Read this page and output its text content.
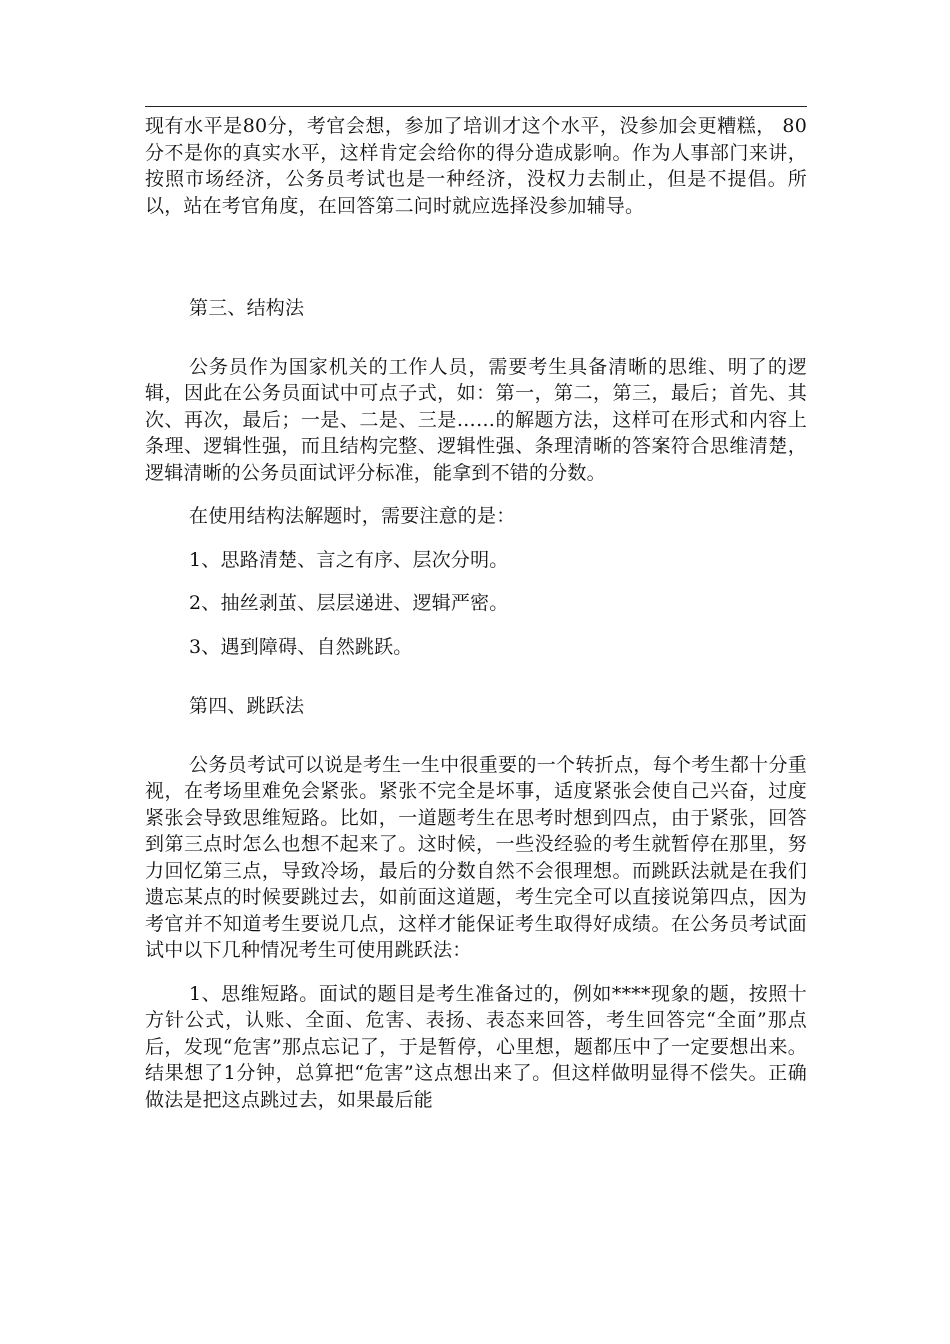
现有水平是80分，考官会想，参加了培训才这个水平，没参加会更糟糕， 80分不是你的真实水平，这样肯定会给你的得分造成影响。作为人事部门来讲，按照市场经济，公务员考试也是一种经济，没权力去制止，但是不提倡。所以，站在考官角度，在回答第二问时就应选择没参加辅导。

第三、结构法

公务员作为国家机关的工作人员，需要考生具备清晰的思维、明了的逻辑，因此在公务员面试中可点子式，如：第一，第二，第三，最后；首先、其次、再次，最后；一是、二是、三是……的解题方法，这样可在形式和内容上条理、逻辑性强，而且结构完整、逻辑性强、条理清晰的答案符合思维清楚，逻辑清晰的公务员面试评分标准，能拿到不错的分数。

在使用结构法解题时，需要注意的是：

1、思路清楚、言之有序、层次分明。

2、抽丝剥茧、层层递进、逻辑严密。

3、遇到障碍、自然跳跃。

第四、跳跃法

公务员考试可以说是考生一生中很重要的一个转折点，每个考生都十分重视，在考场里难免会紧张。紧张不完全是坏事，适度紧张会使自己兴奋，过度紧张会导致思维短路。比如，一道题考生在思考时想到四点，由于紧张，回答到第三点时怎么也想不起来了。这时候，一些没经验的考生就暂停在那里，努力回忆第三点，导致冷场，最后的分数自然不会很理想。而跳跃法就是在我们遗忘某点的时候要跳过去，如前面这道题，考生完全可以直接说第四点，因为考官并不知道考生要说几点，这样才能保证考生取得好成绩。在公务员考试面试中以下几种情况考生可使用跳跃法：

1、思维短路。面试的题目是考生准备过的，例如****现象的题，按照十方针公式，认账、全面、危害、表扬、表态来回答，考生回答完“全面”那点后，发现“危害”那点忘记了，于是暂停，心里想，题都压中了一定要想出来。结果想了1分钟，总算把“危害”这点想出来了。但这样做明显得不偿失。正确做法是把这点跳过去，如果最后能
